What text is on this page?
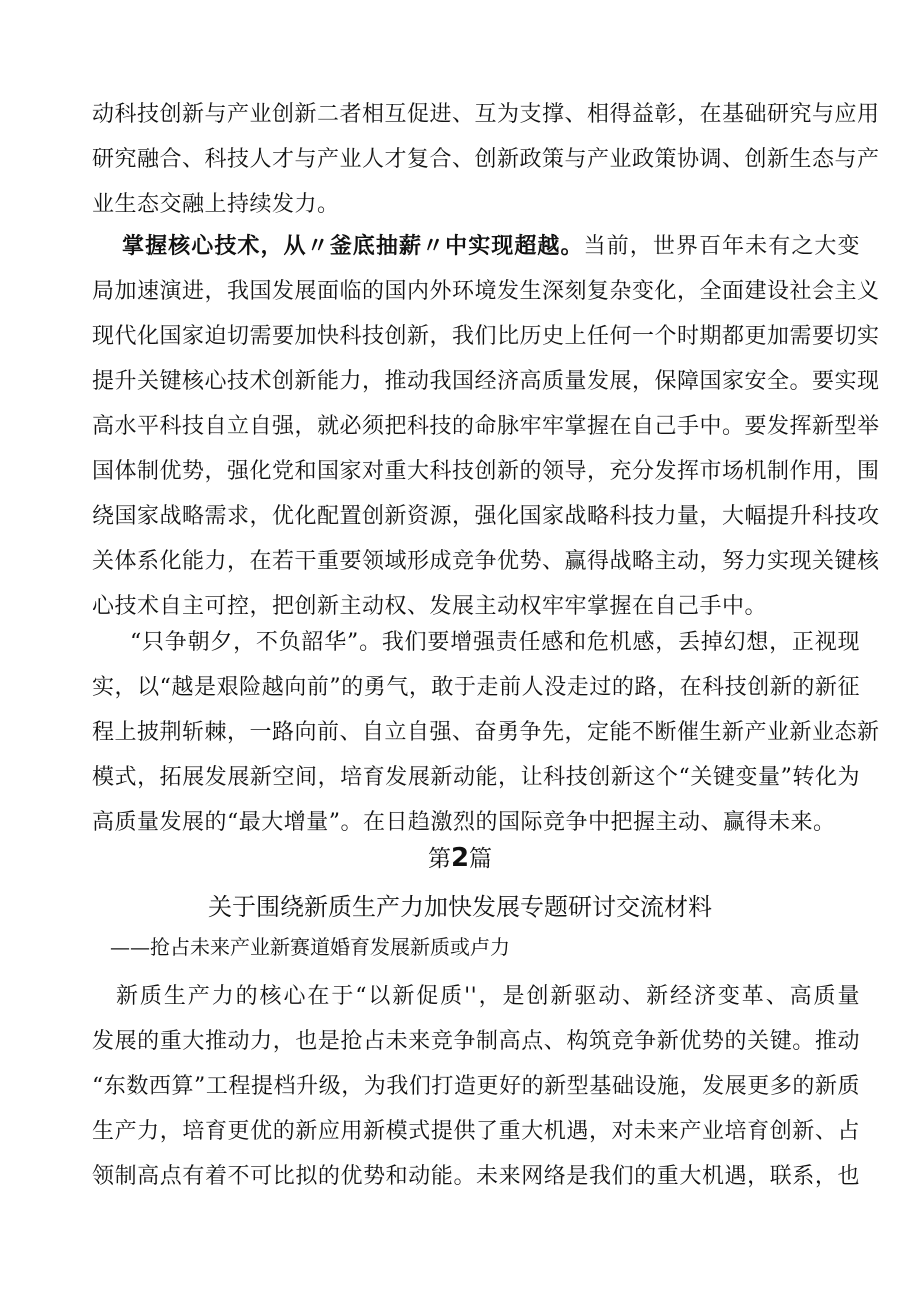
动科技创新与产业创新二者相互促进、互为支撑、相得益彰，在基础研究与应用
研究融合、科技人才与产业人才复合、创新政策与产业政策协调、创新生态与产
业生态交融上持续发力。
掌握核心技术，从〃釜底抽薪〃中实现超越。当前，世界百年未有之大变
局加速演进，我国发展面临的国内外环境发生深刻复杂变化，全面建设社会主义
现代化国家迫切需要加快科技创新，我们比历史上任何一个时期都更加需要切实
提升关键核心技术创新能力，推动我国经济高质量发展，保障国家安全。要实现
高水平科技自立自强，就必须把科技的命脉牢牢掌握在自己手中。要发挥新型举
国体制优势，强化党和国家对重大科技创新的领导，充分发挥市场机制作用，围
绕国家战略需求，优化配置创新资源，强化国家战略科技力量，大幅提升科技攻
关体系化能力，在若干重要领域形成竞争优势、赢得战略主动，努力实现关键核
心技术自主可控，把创新主动权、发展主动权牢牢掌握在自己手中。
“只争朝夕，不负韶华”。我们要增强责任感和危机感，丢掉幻想，正视现
实，以“越是艰险越向前”的勇气，敢于走前人没走过的路，在科技创新的新征
程上披荆斩棘，一路向前、自立自强、奋勇争先，定能不断催生新产业新业态新
模式，拓展发展新空间，培育发展新动能，让科技创新这个“关键变量”转化为
高质量发展的“最大增量”。在日趋激烈的国际竞争中把握主动、赢得未来。

第2篇

关于围绕新质生产力加快发展专题研讨交流材料

——抢占未来产业新赛道婚育发展新质或卢力

新质生产力的核心在于“以新促质''，是创新驱动、新经济变革、高质量
发展的重大推动力，也是抢占未来竞争制高点、构筑竞争新优势的关键。推动
“东数西算”工程提档升级，为我们打造更好的新型基础设施，发展更多的新质
生产力，培育更优的新应用新模式提供了重大机遇，对未来产业培育创新、占
领制高点有着不可比拟的优势和动能。未来网络是我们的重大机遇，联系，也
